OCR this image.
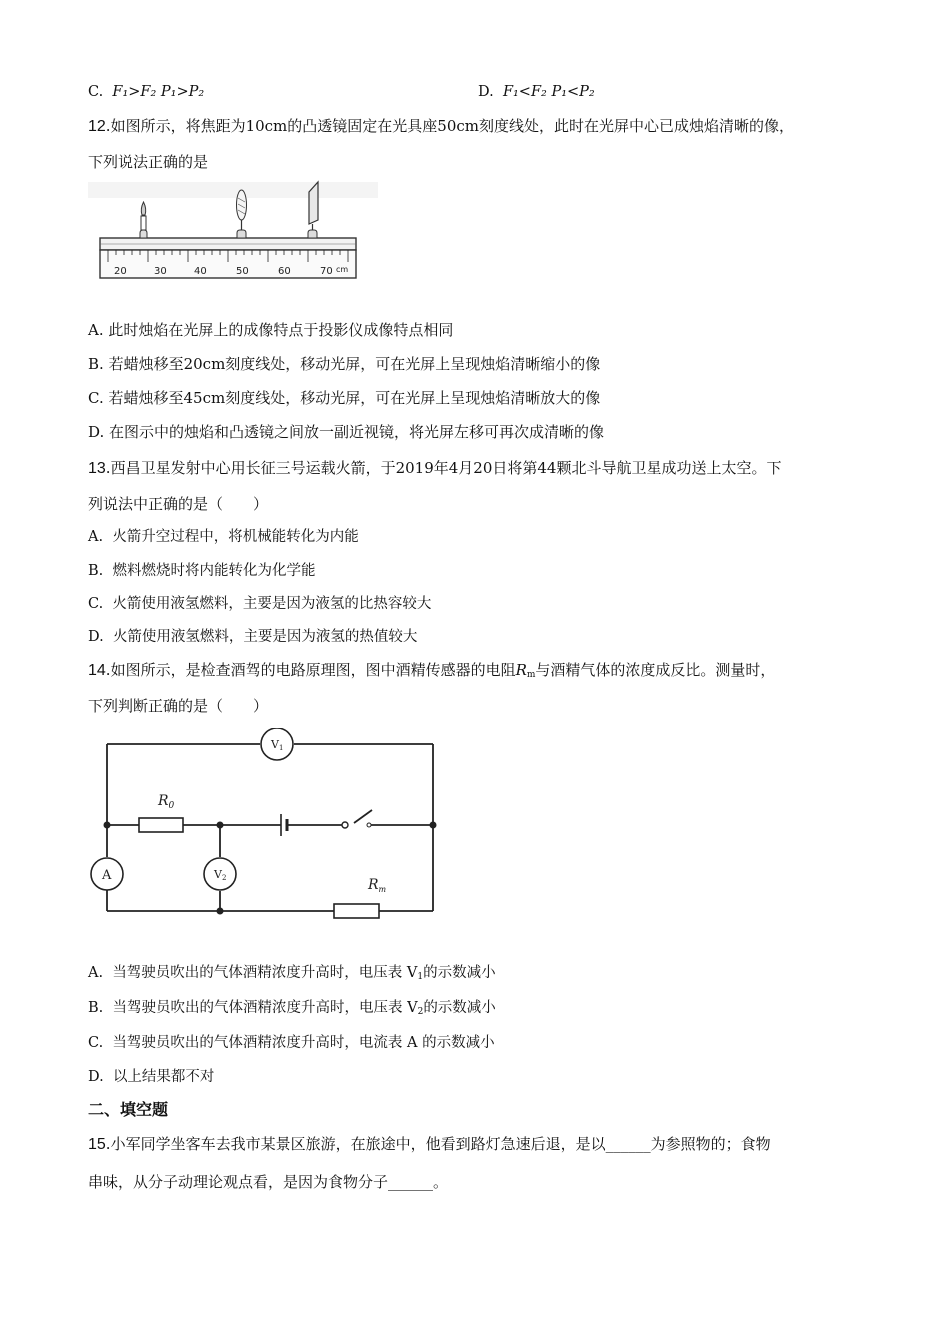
C. F₁>F₂ P₁>P₂	D. F₁<F₂ P₁<P₂
12.如图所示，将焦距为10cm的凸透镜固定在光具座50cm刻度线处，此时在光屏中心已成烛焰清晰的像，
下列说法正确的是
20	30	40	50	60	70 cm
A. 此时烛焰在光屏上的成像特点于投影仪成像特点相同
B. 若蜡烛移至20cm刻度线处，移动光屏，可在光屏上呈现烛焰清晰缩小的像
C. 若蜡烛移至45cm刻度线处，移动光屏，可在光屏上呈现烛焰清晰放大的像
D. 在图示中的烛焰和凸透镜之间放一副近视镜，将光屏左移可再次成清晰的像
13.西昌卫星发射中心用长征三号运载火箭，于2019年4月20日将第44颗北斗导航卫星成功送上太空。下
列说法中正确的是（　　）
A. 火箭升空过程中，将机械能转化为内能
B. 燃料燃烧时将内能转化为化学能
C. 火箭使用液氢燃料，主要是因为液氢的比热容较大
D. 火箭使用液氢燃料，主要是因为液氢的热值较大
14.如图所示，是检查酒驾的电路原理图，图中酒精传感器的电阻$R_m$与酒精气体的浓度成反比。测量时，
下列判断正确的是（　　）
V1
$R_0$
A	V2	$R_m$
A. 当驾驶员吹出的气体酒精浓度升高时，电压表 $V_1$的示数减小
B. 当驾驶员吹出的气体酒精浓度升高时，电压表 $V_2$的示数减小
C. 当驾驶员吹出的气体酒精浓度升高时，电流表 A 的示数减小
D. 以上结果都不对
二、填空题
15.小军同学坐客车去我市某景区旅游，在旅途中，他看到路灯急速后退，是以______为参照物的；食物
串味，从分子动理论观点看，是因为食物分子______。
